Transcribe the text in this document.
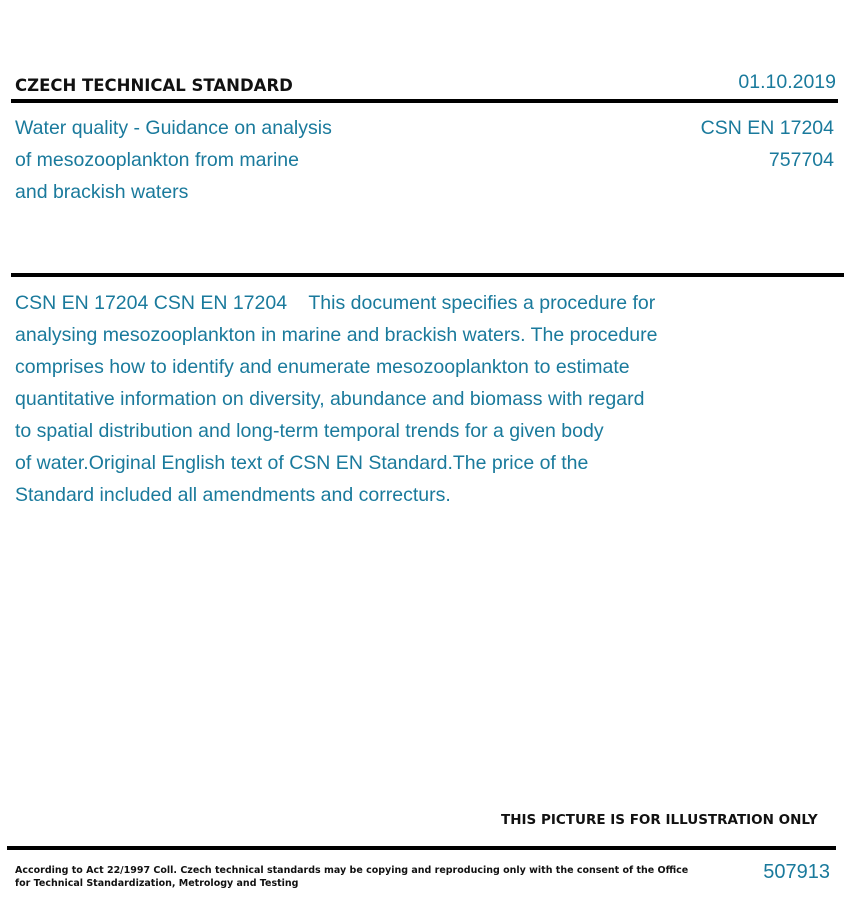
CZECH TECHNICAL STANDARD	01.10.2019
Water quality - Guidance on analysis
of mesozooplankton from marine
and brackish waters
CSN EN 17204
757704
CSN EN 17204 CSN EN 17204    This document specifies a procedure for
analysing mesozooplankton in marine and brackish waters. The procedure
comprises how to identify and enumerate mesozooplankton to estimate
quantitative information on diversity, abundance and biomass with regard
to spatial distribution and long-term temporal trends for a given body
of water.Original English text of CSN EN Standard.The price of the
Standard included all amendments and correcturs.
THIS PICTURE IS FOR ILLUSTRATION ONLY
According to Act 22/1997 Coll. Czech technical standards may be copying and reproducing only with the consent of the Office
for Technical Standardization, Metrology and Testing
507913
